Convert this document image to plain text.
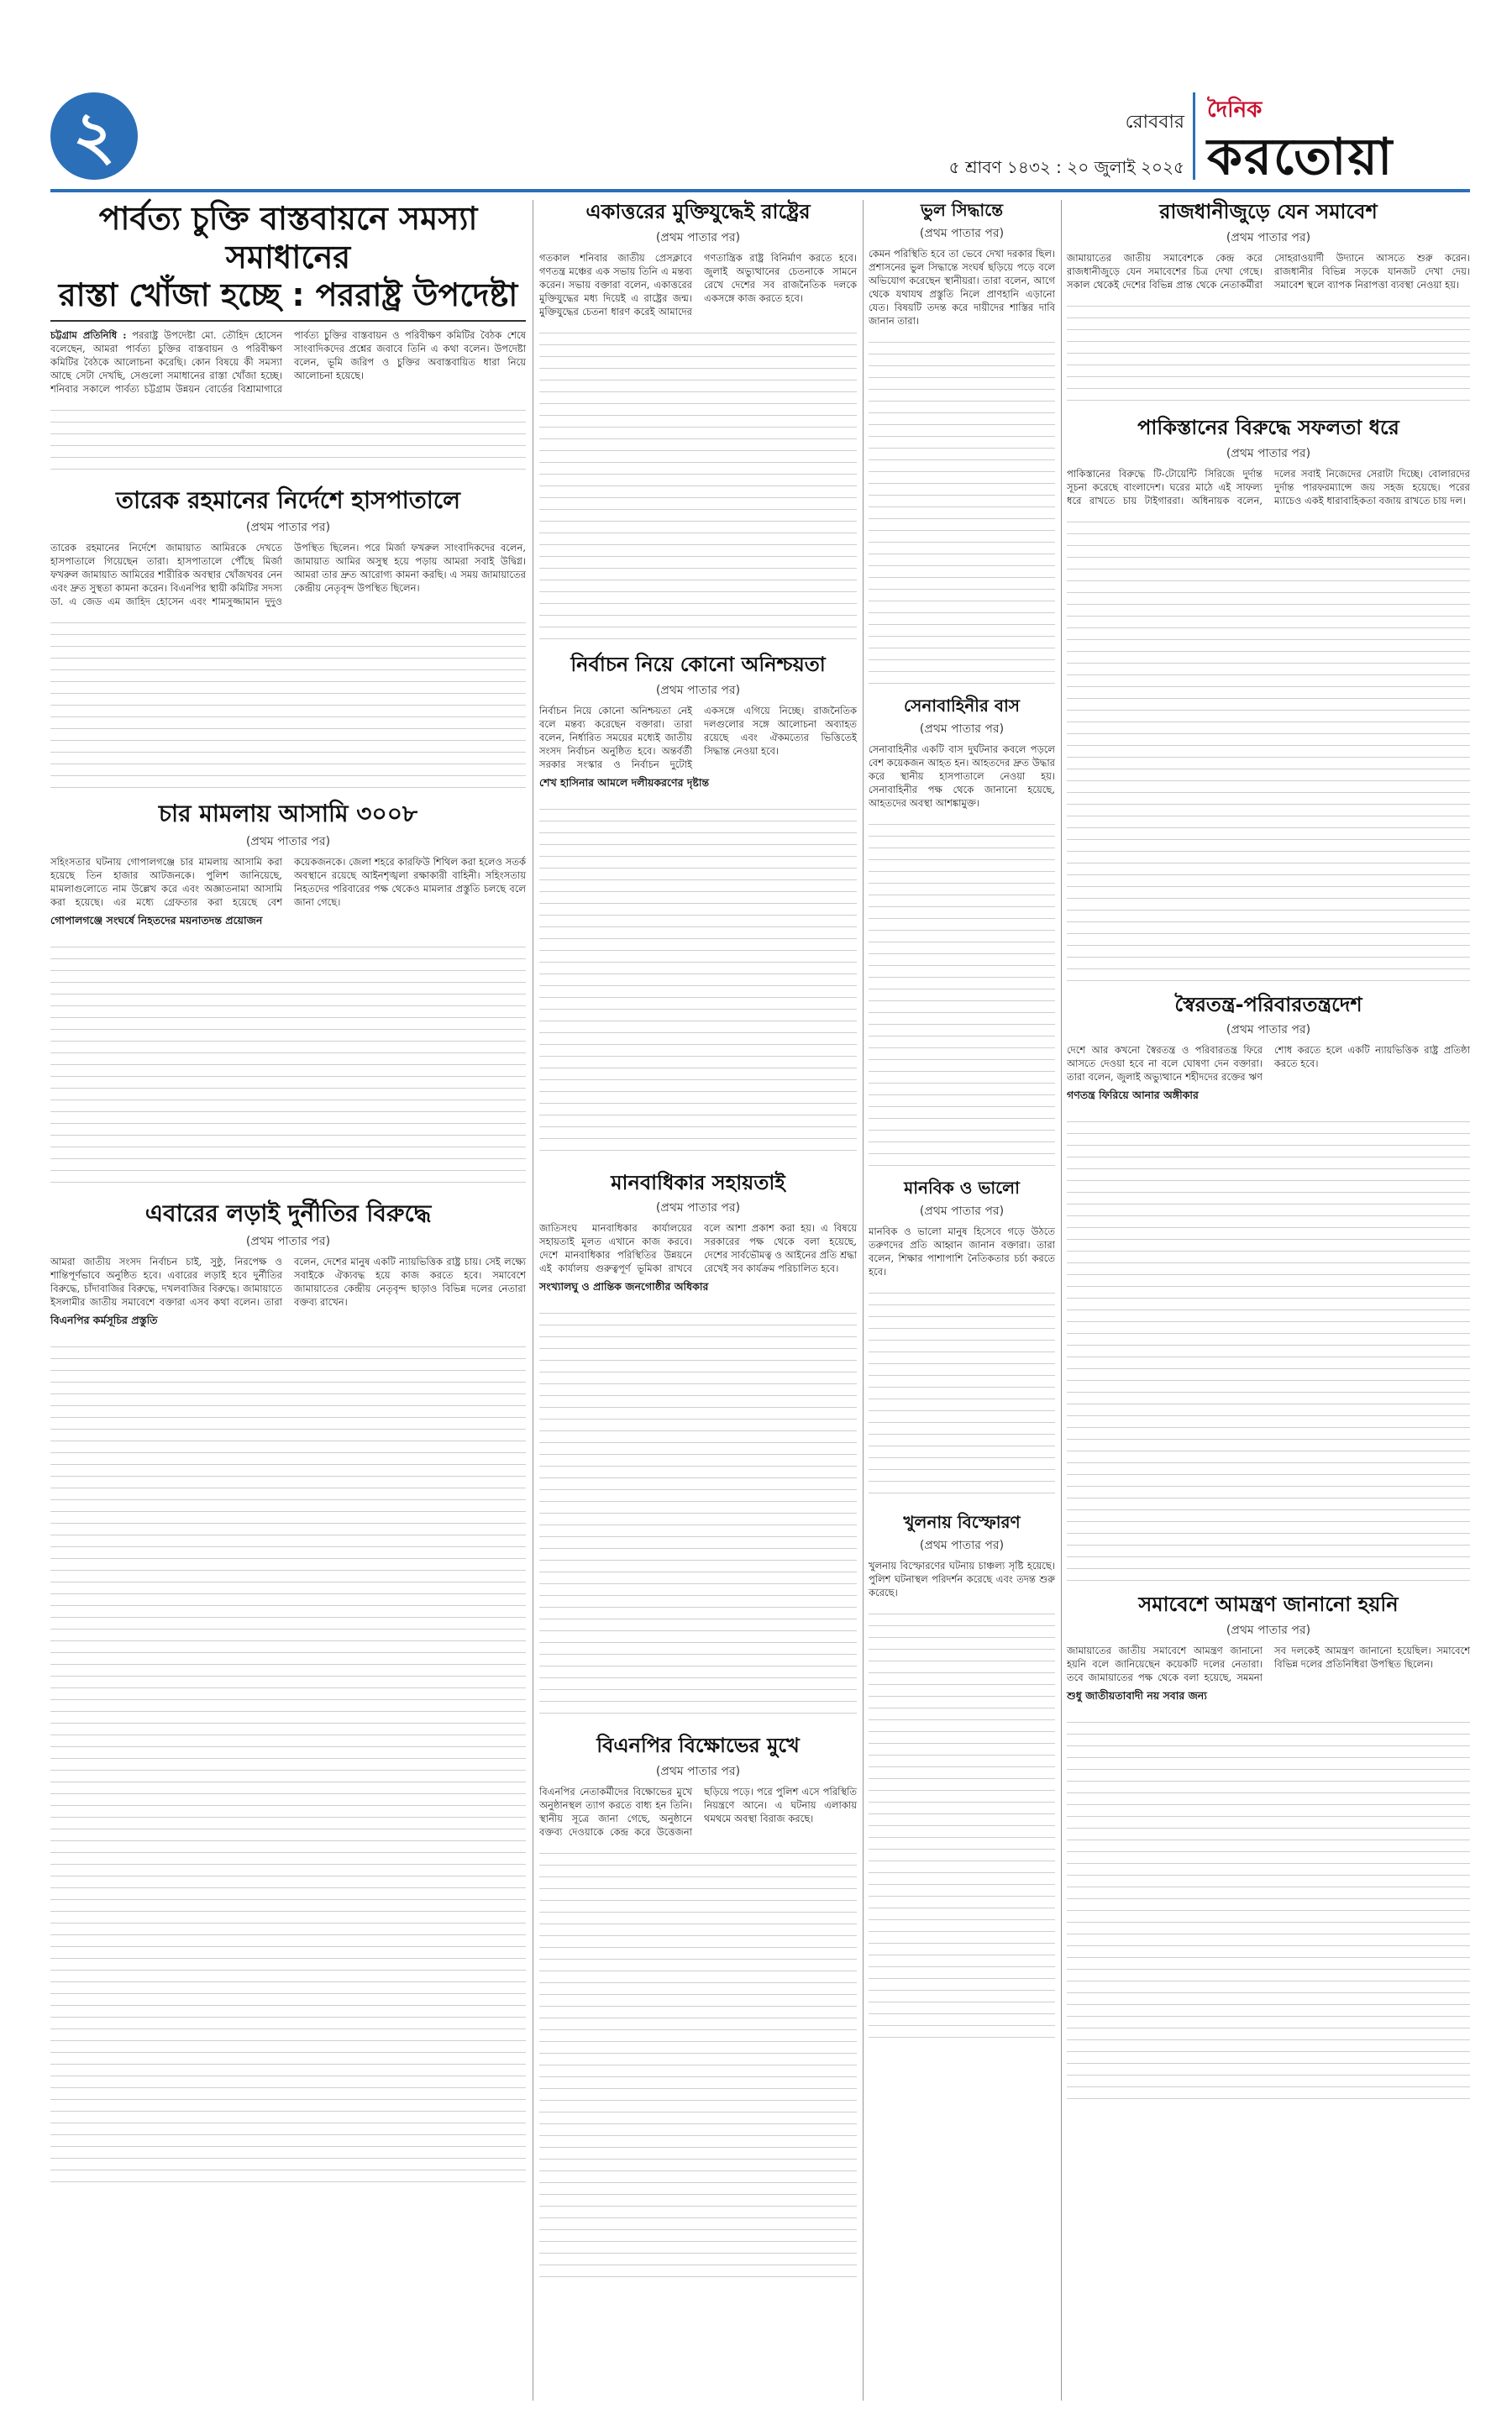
২	রোববার
৫ শ্রাবণ ১৪৩২ : ২০ জুলাই ২০২৫
দৈনিক
করতোয়া
পার্বত্য চুক্তি বাস্তবায়নে সমস্যা সমাধানের
রাস্তা খোঁজা হচ্ছে : পররাষ্ট্র উপদেষ্টা
চট্টগ্রাম প্রতিনিধি : পররাষ্ট্র উপদেষ্টা মো. তৌহিদ হোসেন বলেছেন, আমরা পার্বত্য চুক্তির বাস্তবায়ন ও পরিবীক্ষণ কমিটির বৈঠকে আলোচনা করেছি। কোন বিষয়ে কী সমস্যা আছে সেটা দেখছি, সেগুলো সমাধানের রাস্তা খোঁজা হচ্ছে। শনিবার সকালে পার্বত্য চট্টগ্রাম উন্নয়ন বোর্ডের বিশ্রামাগারে পার্বত্য চুক্তির বাস্তবায়ন ও পরিবীক্ষণ কমিটির বৈঠক শেষে সাংবাদিকদের প্রশ্নের জবাবে তিনি এ কথা বলেন। উপদেষ্টা বলেন, ভূমি জরিপ ও চুক্তির অবাস্তবায়িত ধারা নিয়ে আলোচনা হয়েছে।
তারেক রহমানের নির্দেশে হাসপাতালে
(প্রথম পাতার পর)
তারেক রহমানের নির্দেশে জামায়াত আমিরকে দেখতে হাসপাতালে গিয়েছেন তারা। হাসপাতালে পৌঁছে মির্জা ফখরুল জামায়াত আমিরের শারীরিক অবস্থার খোঁজখবর নেন এবং দ্রুত সুস্থতা কামনা করেন। বিএনপির স্থায়ী কমিটির সদস্য ডা. এ জেড এম জাহিদ হোসেন এবং শামসুজ্জামান দুদুও উপস্থিত ছিলেন। পরে মির্জা ফখরুল সাংবাদিকদের বলেন, জামায়াত আমির অসুস্থ হয়ে পড়ায় আমরা সবাই উদ্বিগ্ন। আমরা তার দ্রুত আরোগ্য কামনা করছি। এ সময় জামায়াতের কেন্দ্রীয় নেতৃবৃন্দ উপস্থিত ছিলেন।
চার মামলায় আসামি ৩০০৮
(প্রথম পাতার পর)
সহিংসতার ঘটনায় গোপালগঞ্জে চার মামলায় আসামি করা হয়েছে তিন হাজার আটজনকে। পুলিশ জানিয়েছে, মামলাগুলোতে নাম উল্লেখ করে এবং অজ্ঞাতনামা আসামি করা হয়েছে। এর মধ্যে গ্রেফতার করা হয়েছে বেশ কয়েকজনকে। জেলা শহরে কারফিউ শিথিল করা হলেও সতর্ক অবস্থানে রয়েছে আইনশৃঙ্খলা রক্ষাকারী বাহিনী। সহিংসতায় নিহতদের পরিবারের পক্ষ থেকেও মামলার প্রস্তুতি চলছে বলে জানা গেছে।
গোপালগঞ্জে সংঘর্ষে নিহতদের ময়নাতদন্ত প্রয়োজন
এবারের লড়াই দুর্নীতির বিরুদ্ধে
(প্রথম পাতার পর)
আমরা জাতীয় সংসদ নির্বাচন চাই, সুষ্ঠু, নিরপেক্ষ ও শান্তিপূর্ণভাবে অনুষ্ঠিত হবে। এবারের লড়াই হবে দুর্নীতির বিরুদ্ধে, চাঁদাবাজির বিরুদ্ধে, দখলবাজির বিরুদ্ধে। জামায়াতে ইসলামীর জাতীয় সমাবেশে বক্তারা এসব কথা বলেন। তারা বলেন, দেশের মানুষ একটি ন্যায়ভিত্তিক রাষ্ট্র চায়। সেই লক্ষ্যে সবাইকে ঐক্যবদ্ধ হয়ে কাজ করতে হবে। সমাবেশে জামায়াতের কেন্দ্রীয় নেতৃবৃন্দ ছাড়াও বিভিন্ন দলের নেতারা বক্তব্য রাখেন।
বিএনপির কর্মসূচির প্রস্তুতি
একাত্তরের মুক্তিযুদ্ধেই রাষ্ট্রের
(প্রথম পাতার পর)
গতকাল শনিবার জাতীয় প্রেসক্লাবে গণতন্ত্র মঞ্চের এক সভায় তিনি এ মন্তব্য করেন। সভায় বক্তারা বলেন, একাত্তরের মুক্তিযুদ্ধের মধ্য দিয়েই এ রাষ্ট্রের জন্ম। মুক্তিযুদ্ধের চেতনা ধারণ করেই আমাদের গণতান্ত্রিক রাষ্ট্র বিনির্মাণ করতে হবে। জুলাই অভ্যুত্থানের চেতনাকে সামনে রেখে দেশের সব রাজনৈতিক দলকে একসঙ্গে কাজ করতে হবে।
নির্বাচন নিয়ে কোনো অনিশ্চয়তা
(প্রথম পাতার পর)
নির্বাচন নিয়ে কোনো অনিশ্চয়তা নেই বলে মন্তব্য করেছেন বক্তারা। তারা বলেন, নির্ধারিত সময়ের মধ্যেই জাতীয় সংসদ নির্বাচন অনুষ্ঠিত হবে। অন্তর্বর্তী সরকার সংস্কার ও নির্বাচন দুটোই একসঙ্গে এগিয়ে নিচ্ছে। রাজনৈতিক দলগুলোর সঙ্গে আলোচনা অব্যাহত রয়েছে এবং ঐকমত্যের ভিত্তিতেই সিদ্ধান্ত নেওয়া হবে।
শেখ হাসিনার আমলে দলীয়করণের দৃষ্টান্ত
মানবাধিকার সহায়তাই
(প্রথম পাতার পর)
জাতিসংঘ মানবাধিকার কার্যালয়ের সহায়তাই মূলত এখানে কাজ করবে। দেশে মানবাধিকার পরিস্থিতির উন্নয়নে এই কার্যালয় গুরুত্বপূর্ণ ভূমিকা রাখবে বলে আশা প্রকাশ করা হয়। এ বিষয়ে সরকারের পক্ষ থেকে বলা হয়েছে, দেশের সার্বভৌমত্ব ও আইনের প্রতি শ্রদ্ধা রেখেই সব কার্যক্রম পরিচালিত হবে।
সংখ্যালঘু ও প্রান্তিক জনগোষ্ঠীর অধিকার
বিএনপির বিক্ষোভের মুখে
(প্রথম পাতার পর)
বিএনপির নেতাকর্মীদের বিক্ষোভের মুখে অনুষ্ঠানস্থল ত্যাগ করতে বাধ্য হন তিনি। স্থানীয় সূত্রে জানা গেছে, অনুষ্ঠানে বক্তব্য দেওয়াকে কেন্দ্র করে উত্তেজনা ছড়িয়ে পড়ে। পরে পুলিশ এসে পরিস্থিতি নিয়ন্ত্রণে আনে। এ ঘটনায় এলাকায় থমথমে অবস্থা বিরাজ করছে।
ভুল সিদ্ধান্তে
(প্রথম পাতার পর)
কেমন পরিস্থিতি হবে তা ভেবে দেখা দরকার ছিল। প্রশাসনের ভুল সিদ্ধান্তে সংঘর্ষ ছড়িয়ে পড়ে বলে অভিযোগ করেছেন স্থানীয়রা। তারা বলেন, আগে থেকে যথাযথ প্রস্তুতি নিলে প্রাণহানি এড়ানো যেত। বিষয়টি তদন্ত করে দায়ীদের শাস্তির দাবি জানান তারা।
সেনাবাহিনীর বাস
(প্রথম পাতার পর)
সেনাবাহিনীর একটি বাস দুর্ঘটনার কবলে পড়লে বেশ কয়েকজন আহত হন। আহতদের দ্রুত উদ্ধার করে স্থানীয় হাসপাতালে নেওয়া হয়। সেনাবাহিনীর পক্ষ থেকে জানানো হয়েছে, আহতদের অবস্থা আশঙ্কামুক্ত।
মানবিক ও ভালো
(প্রথম পাতার পর)
মানবিক ও ভালো মানুষ হিসেবে গড়ে উঠতে তরুণদের প্রতি আহ্বান জানান বক্তারা। তারা বলেন, শিক্ষার পাশাপাশি নৈতিকতার চর্চা করতে হবে।
খুলনায় বিস্ফোরণ
(প্রথম পাতার পর)
খুলনায় বিস্ফোরণের ঘটনায় চাঞ্চল্য সৃষ্টি হয়েছে। পুলিশ ঘটনাস্থল পরিদর্শন করেছে এবং তদন্ত শুরু করেছে।
রাজধানীজুড়ে যেন সমাবেশ
(প্রথম পাতার পর)
জামায়াতের জাতীয় সমাবেশকে কেন্দ্র করে রাজধানীজুড়ে যেন সমাবেশের চিত্র দেখা গেছে। সকাল থেকেই দেশের বিভিন্ন প্রান্ত থেকে নেতাকর্মীরা সোহরাওয়ার্দী উদ্যানে আসতে শুরু করেন। রাজধানীর বিভিন্ন সড়কে যানজট দেখা দেয়। সমাবেশ স্থলে ব্যাপক নিরাপত্তা ব্যবস্থা নেওয়া হয়।
পাকিস্তানের বিরুদ্ধে সফলতা ধরে
(প্রথম পাতার পর)
পাকিস্তানের বিরুদ্ধে টি-টোয়েন্টি সিরিজে দুর্দান্ত সূচনা করেছে বাংলাদেশ। ঘরের মাঠে এই সাফল্য ধরে রাখতে চায় টাইগাররা। অধিনায়ক বলেন, দলের সবাই নিজেদের সেরাটা দিচ্ছে। বোলারদের দুর্দান্ত পারফরম্যান্সে জয় সহজ হয়েছে। পরের ম্যাচেও একই ধারাবাহিকতা বজায় রাখতে চায় দল।
স্বৈরতন্ত্র-পরিবারতন্ত্রদেশ
(প্রথম পাতার পর)
দেশে আর কখনো স্বৈরতন্ত্র ও পরিবারতন্ত্র ফিরে আসতে দেওয়া হবে না বলে ঘোষণা দেন বক্তারা। তারা বলেন, জুলাই অভ্যুত্থানে শহীদদের রক্তের ঋণ শোধ করতে হলে একটি ন্যায়ভিত্তিক রাষ্ট্র প্রতিষ্ঠা করতে হবে।
গণতন্ত্র ফিরিয়ে আনার অঙ্গীকার
সমাবেশে আমন্ত্রণ জানানো হয়নি
(প্রথম পাতার পর)
জামায়াতের জাতীয় সমাবেশে আমন্ত্রণ জানানো হয়নি বলে জানিয়েছেন কয়েকটি দলের নেতারা। তবে জামায়াতের পক্ষ থেকে বলা হয়েছে, সমমনা সব দলকেই আমন্ত্রণ জানানো হয়েছিল। সমাবেশে বিভিন্ন দলের প্রতিনিধিরা উপস্থিত ছিলেন।
শুধু জাতীয়তাবাদী নয় সবার জন্য
